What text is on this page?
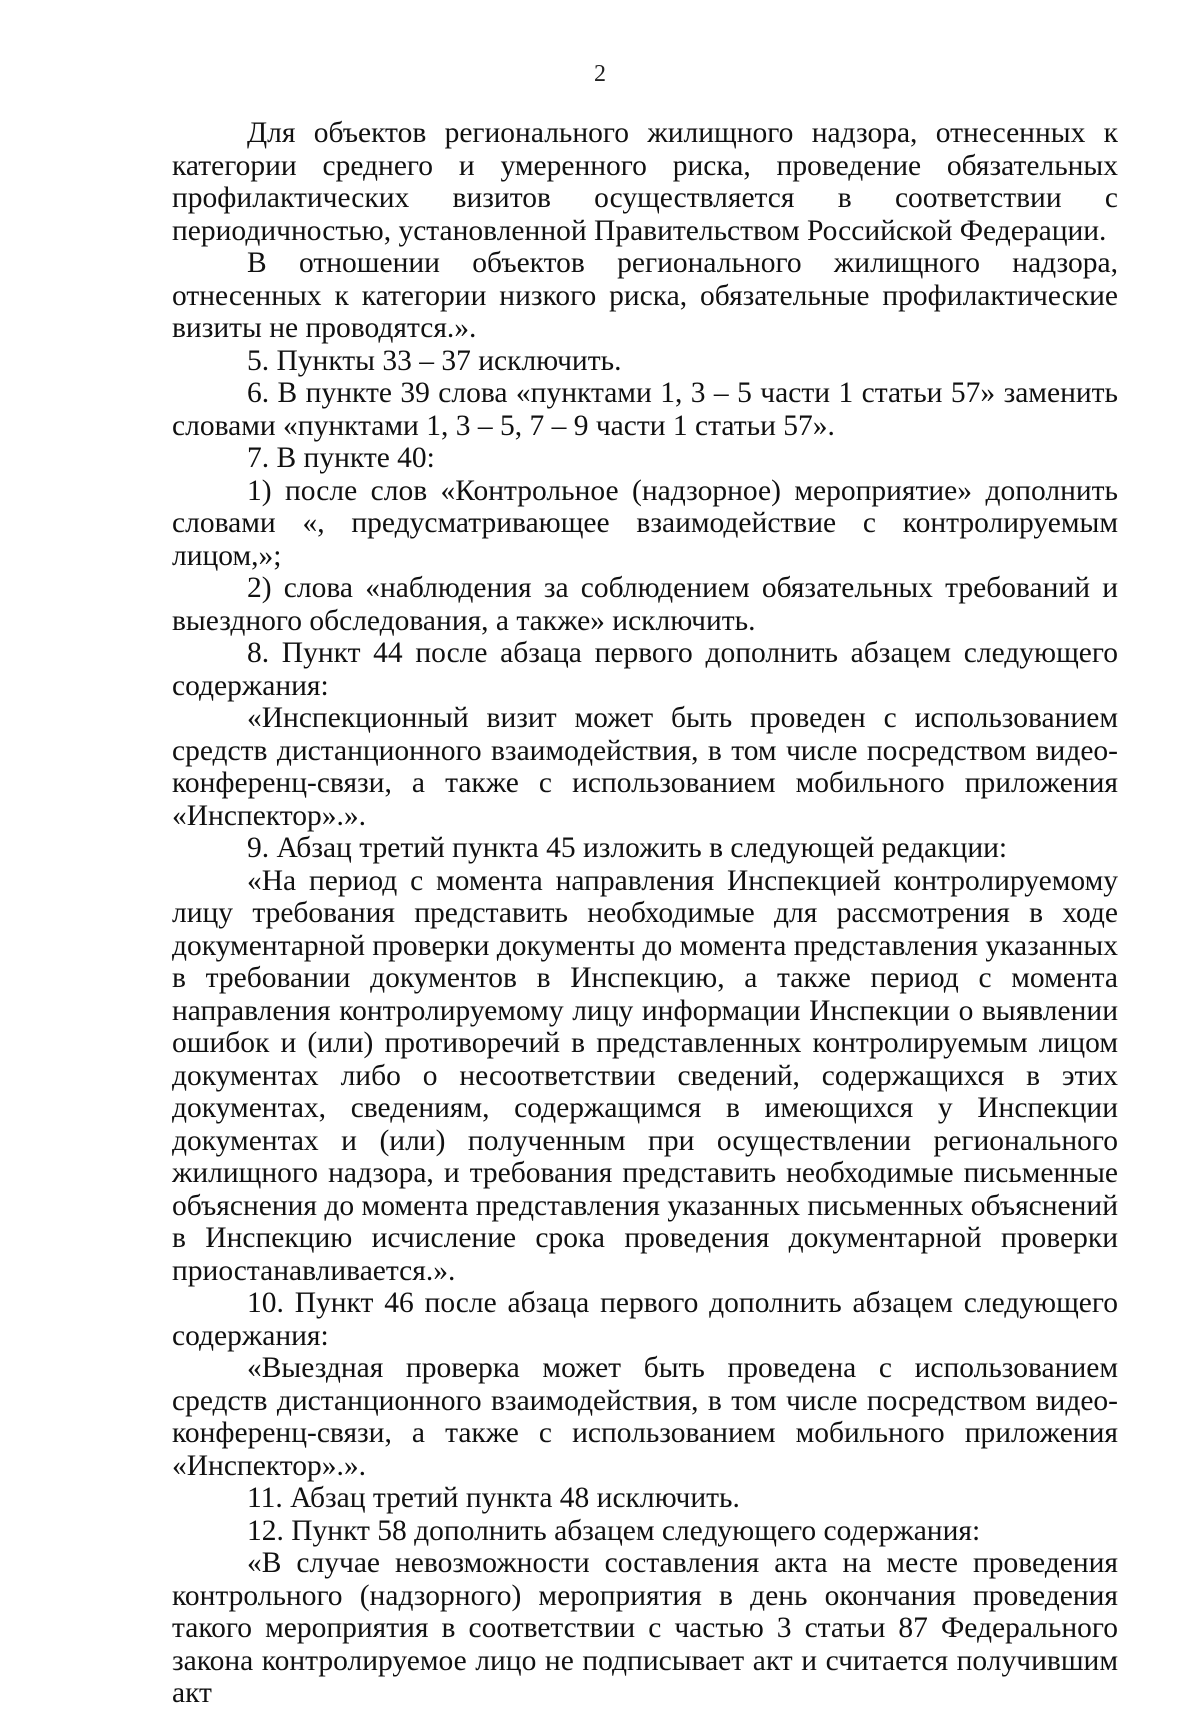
2

Для объектов регионального жилищного надзора, отнесенных к категории среднего и умеренного риска, проведение обязательных профилактических визитов осуществляется в соответствии с периодичностью, установленной Правительством Российской Федерации.

В отношении объектов регионального жилищного надзора, отнесенных к категории низкого риска, обязательные профилактические визиты не проводятся.».

5. Пункты 33 – 37 исключить.

6. В пункте 39 слова «пунктами 1, 3 – 5 части 1 статьи 57» заменить словами «пунктами 1, 3 – 5, 7 – 9 части 1 статьи 57».

7. В пункте 40:

1) после слов «Контрольное (надзорное) мероприятие» дополнить словами «, предусматривающее взаимодействие с контролируемым лицом,»;

2) слова «наблюдения за соблюдением обязательных требований и выездного обследования, а также» исключить.

8. Пункт 44 после абзаца первого дополнить абзацем следующего содержания:

«Инспекционный визит может быть проведен с использованием средств дистанционного взаимодействия, в том числе посредством видео-конференц-связи, а также с использованием мобильного приложения «Инспектор».».

9. Абзац третий пункта 45 изложить в следующей редакции:

«На период с момента направления Инспекцией контролируемому лицу требования представить необходимые для рассмотрения в ходе документарной проверки документы до момента представления указанных в требовании документов в Инспекцию, а также период с момента направления контролируемому лицу информации Инспекции о выявлении ошибок и (или) противоречий в представленных контролируемым лицом документах либо о несоответствии сведений, содержащихся в этих документах, сведениям, содержащимся в имеющихся у Инспекции документах и (или) полученным при осуществлении регионального жилищного надзора, и требования представить необходимые письменные объяснения до момента представления указанных письменных объяснений в Инспекцию исчисление срока проведения документарной проверки приостанавливается.».

10. Пункт 46 после абзаца первого дополнить абзацем следующего содержания:

«Выездная проверка может быть проведена с использованием средств дистанционного взаимодействия, в том числе посредством видео-конференц-связи, а также с использованием мобильного приложения «Инспектор».».

11. Абзац третий пункта 48 исключить.

12. Пункт 58 дополнить абзацем следующего содержания:

«В случае невозможности составления акта на месте проведения контрольного (надзорного) мероприятия в день окончания проведения такого мероприятия в соответствии с частью 3 статьи 87 Федерального закона контролируемое лицо не подписывает акт и считается получившим акт
